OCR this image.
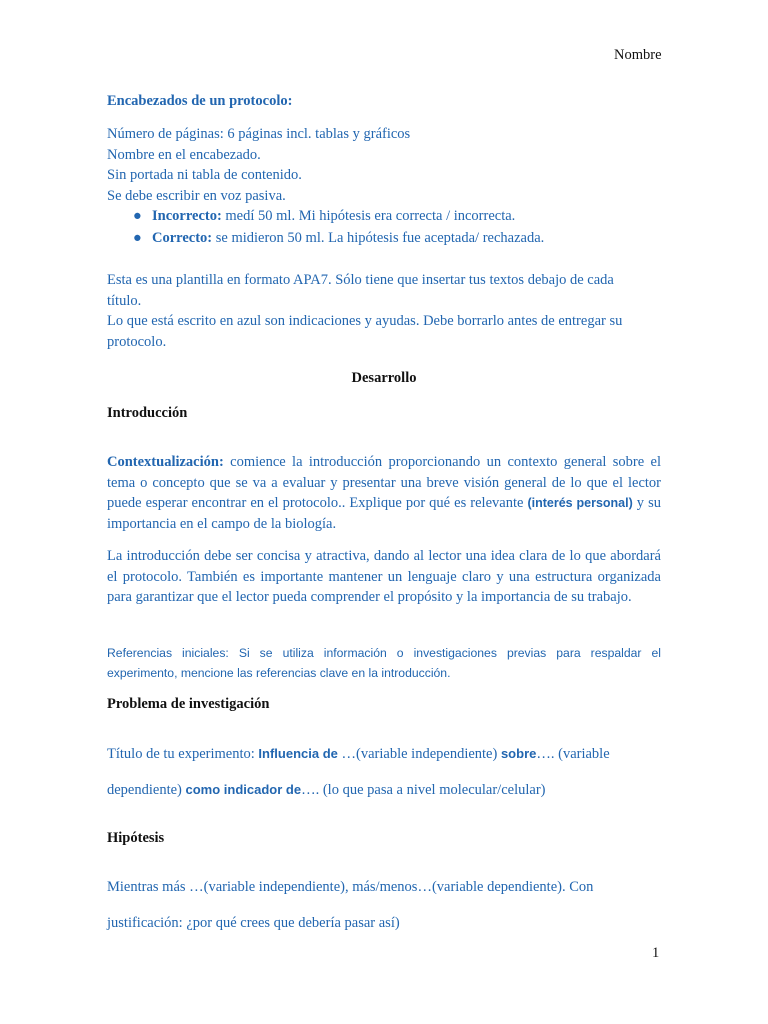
Nombre
Encabezados de un protocolo:
Número de páginas: 6 páginas incl. tablas y gráficos
Nombre en el encabezado.
Sin portada ni tabla de contenido.
Se debe escribir en voz pasiva.
● Incorrecto: medí 50 ml. Mi hipótesis era correcta / incorrecta.
● Correcto: se midieron 50 ml. La hipótesis fue aceptada/ rechazada.
Esta es una plantilla en formato APA7. Sólo tiene que insertar tus textos debajo de cada título.
Lo que está escrito en azul son indicaciones y ayudas. Debe borrarlo antes de entregar su protocolo.
Desarrollo
Introducción
Contextualización: comience la introducción proporcionando un contexto general sobre el tema o concepto que se va a evaluar y presentar una breve visión general de lo que el lector puede esperar encontrar en el protocolo.. Explique por qué es relevante (interés personal) y su importancia en el campo de la biología.
La introducción debe ser concisa y atractiva, dando al lector una idea clara de lo que abordará el protocolo. También es importante mantener un lenguaje claro y una estructura organizada para garantizar que el lector pueda comprender el propósito y la importancia de su trabajo.
Referencias iniciales: Si se utiliza información o investigaciones previas para respaldar el experimento, mencione las referencias clave en la introducción.
Problema de investigación
Título de tu experimento: Influencia de …(variable independiente) sobre…. (variable
dependiente) como indicador de…. (lo que pasa a nivel molecular/celular)
Hipótesis
Mientras más …(variable independiente), más/menos…(variable dependiente). Con
justificación: ¿por qué crees que debería pasar así)
1
